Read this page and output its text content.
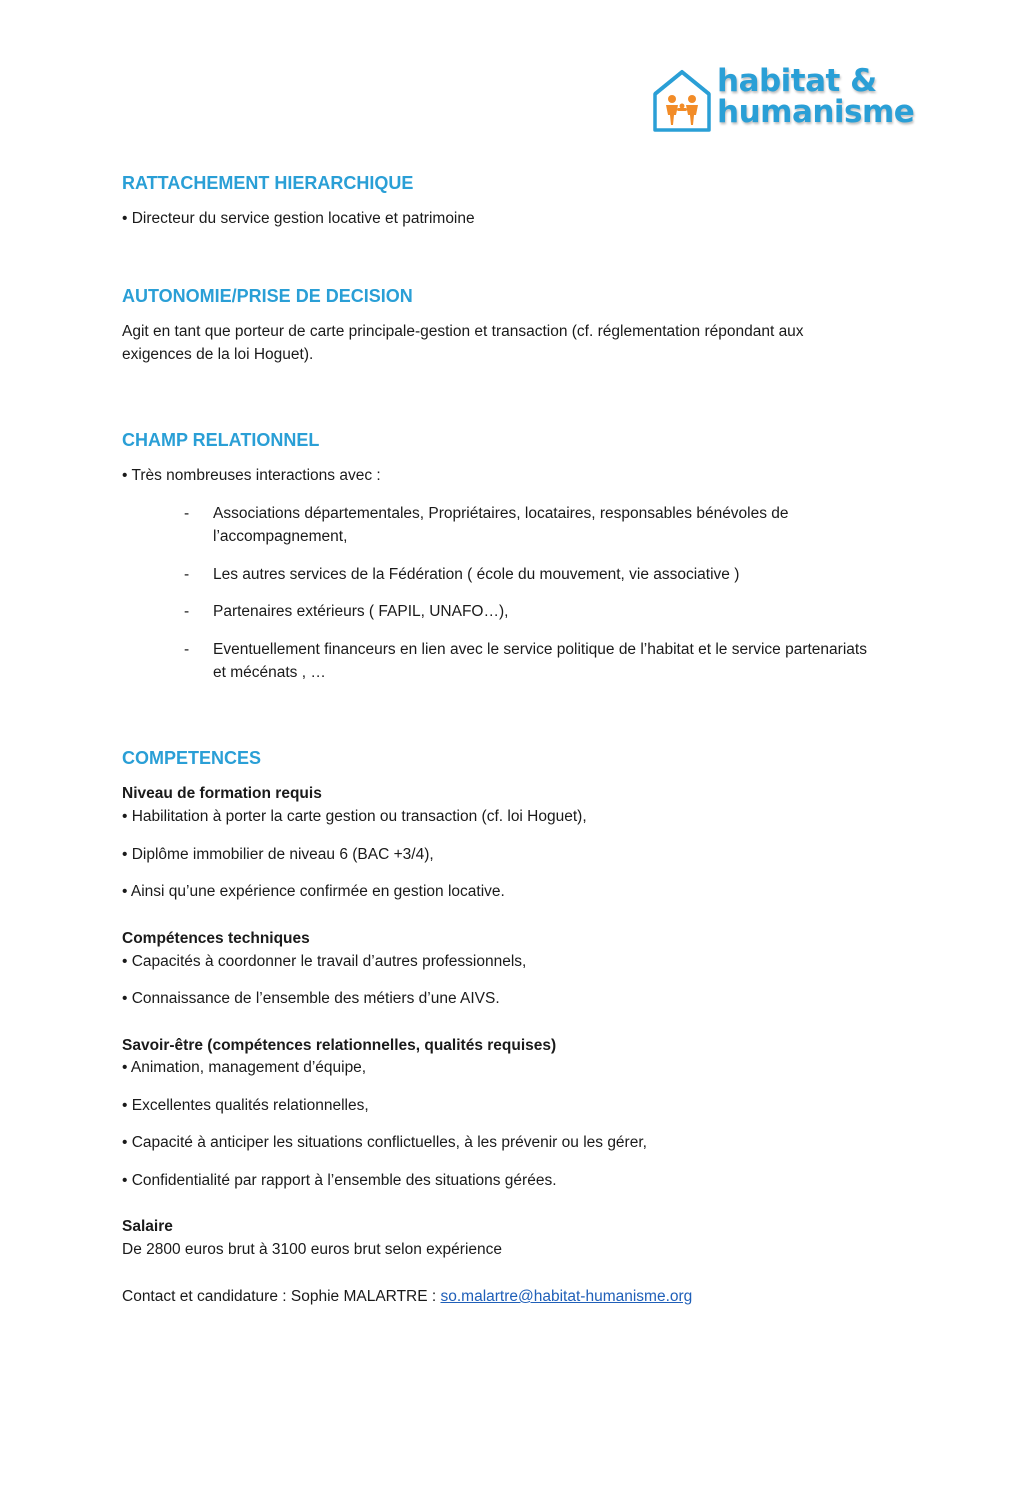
habitat &
humanisme
RATTACHEMENT HIERARCHIQUE
• Directeur du service gestion locative et patrimoine
AUTONOMIE/PRISE DE DECISION
Agit en tant que porteur de carte principale-gestion et transaction (cf. réglementation répondant aux
exigences de la loi Hoguet).
CHAMP RELATIONNEL
• Très nombreuses interactions avec :
- Associations départementales, Propriétaires, locataires, responsables bénévoles de l’accompagnement,
- Les autres services de la Fédération ( école du mouvement, vie associative )
- Partenaires extérieurs ( FAPIL, UNAFO…),
- Eventuellement financeurs en lien avec le service politique de l’habitat et le service partenariats et mécénats , …
COMPETENCES
Niveau de formation requis
• Habilitation à porter la carte gestion ou transaction (cf. loi Hoguet),
• Diplôme immobilier de niveau 6 (BAC +3/4),
• Ainsi qu’une expérience confirmée en gestion locative.
Compétences techniques
• Capacités à coordonner le travail d’autres professionnels,
• Connaissance de l’ensemble des métiers d’une AIVS.
Savoir-être (compétences relationnelles, qualités requises)
• Animation, management d’équipe,
• Excellentes qualités relationnelles,
• Capacité à anticiper les situations conflictuelles, à les prévenir ou les gérer,
• Confidentialité par rapport à l’ensemble des situations gérées.
Salaire
De 2800 euros brut à 3100 euros brut selon expérience
Contact et candidature : Sophie MALARTRE : so.malartre@habitat-humanisme.org
